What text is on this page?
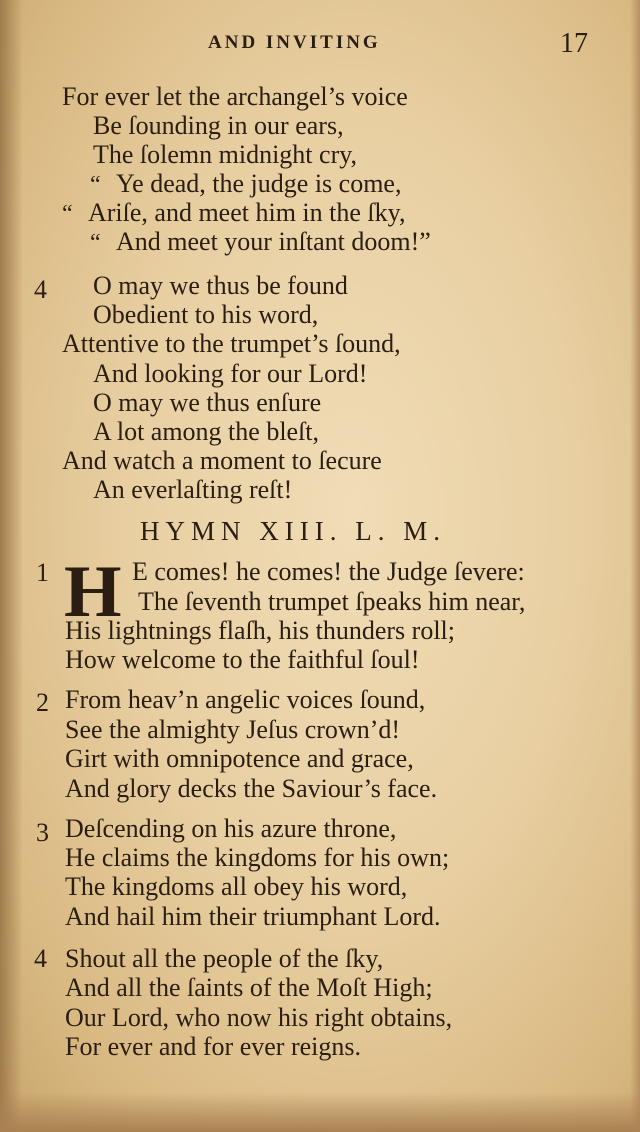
AND INVITING	17
For ever let the archangel’s voice
Be ſounding in our ears,
The ſolemn midnight cry,
“ Ye dead, the judge is come,
“ Ariſe, and meet him in the ſky,
“ And meet your inſtant doom!”
4 O may we thus be found
Obedient to his word,
Attentive to the trumpet’s ſound,
And looking for our Lord!
O may we thus enſure
A lot among the bleſt,
And watch a moment to ſecure
An everlaſting reſt!
HYMN XIII. L. M.
1 H E comes! he comes! the Judge ſevere:
The ſeventh trumpet ſpeaks him near,
His lightnings flaſh, his thunders roll;
How welcome to the faithful ſoul!
2 From heav’n angelic voices ſound,
See the almighty Jeſus crown’d!
Girt with omnipotence and grace,
And glory decks the Saviour’s face.
3 Deſcending on his azure throne,
He claims the kingdoms for his own;
The kingdoms all obey his word,
And hail him their triumphant Lord.
4 Shout all the people of the ſky,
And all the ſaints of the Moſt High;
Our Lord, who now his right obtains,
For ever and for ever reigns.
